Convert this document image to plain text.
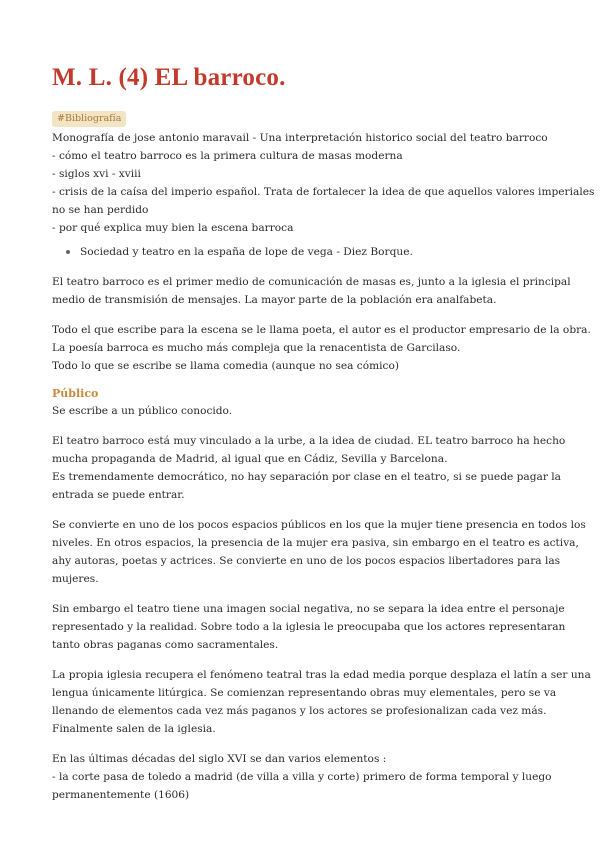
M. L. (4) EL barroco.
#Bibliografía
Monografía de jose antonio maravail - Una interpretación historico social del teatro barroco
- cómo el teatro barroco es la primera cultura de masas moderna
- siglos xvi - xviii
- crisis de la caísa del imperio español. Trata de fortalecer la idea de que aquellos valores imperiales
no se han perdido
- por qué explica muy bien la escena barroca
Sociedad y teatro en la españa de lope de vega - Diez Borque.

El teatro barroco es el primer medio de comunicación de masas es, junto a la iglesia el principal
medio de transmisión de mensajes. La mayor parte de la población era analfabeta.

Todo el que escribe para la escena se le llama poeta, el autor es el productor empresario de la obra.
La poesía barroca es mucho más compleja que la renacentista de Garcilaso.
Todo lo que se escribe se llama comedia (aunque no sea cómico)

Público
Se escribe a un público conocido.

El teatro barroco está muy vinculado a la urbe, a la idea de ciudad. EL teatro barroco ha hecho
mucha propaganda de Madrid, al igual que en Cádiz, Sevilla y Barcelona.
Es tremendamente democrático, no hay separación por clase en el teatro, si se puede pagar la
entrada se puede entrar.

Se convierte en uno de los pocos espacios públicos en los que la mujer tiene presencia en todos los
niveles. En otros espacios, la presencia de la mujer era pasiva, sin embargo en el teatro es activa,
ahy autoras, poetas y actrices. Se convierte en uno de los pocos espacios libertadores para las
mujeres.

Sin embargo el teatro tiene una imagen social negativa, no se separa la idea entre el personaje
representado y la realidad. Sobre todo a la iglesia le preocupaba que los actores representaran
tanto obras paganas como sacramentales.

La propia iglesia recupera el fenómeno teatral tras la edad media porque desplaza el latín a ser una
lengua únicamente litúrgica. Se comienzan representando obras muy elementales, pero se va
llenando de elementos cada vez más paganos y los actores se profesionalizan cada vez más.
Finalmente salen de la iglesia.

En las últimas décadas del siglo XVI se dan varios elementos :
- la corte pasa de toledo a madrid (de villa a villa y corte) primero de forma temporal y luego
permanentemente (1606)
